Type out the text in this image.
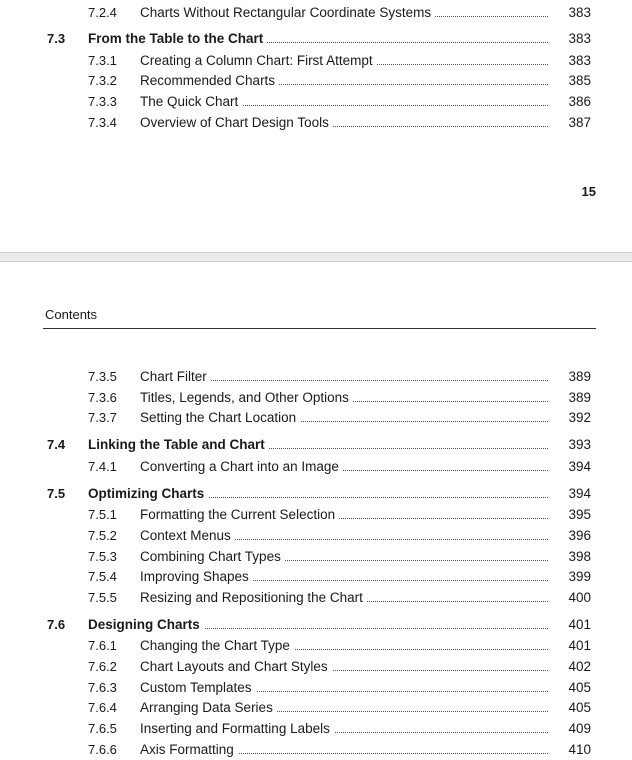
7.2.4 Charts Without Rectangular Coordinate Systems	383
7.3 From the Table to the Chart	383
7.3.1 Creating a Column Chart: First Attempt	383
7.3.2 Recommended Charts	385
7.3.3 The Quick Chart	386
7.3.4 Overview of Chart Design Tools	387
15
Contents
7.3.5 Chart Filter	389
7.3.6 Titles, Legends, and Other Options	389
7.3.7 Setting the Chart Location	392
7.4 Linking the Table and Chart	393
7.4.1 Converting a Chart into an Image	394
7.5 Optimizing Charts	394
7.5.1 Formatting the Current Selection	395
7.5.2 Context Menus	396
7.5.3 Combining Chart Types	398
7.5.4 Improving Shapes	399
7.5.5 Resizing and Repositioning the Chart	400
7.6 Designing Charts	401
7.6.1 Changing the Chart Type	401
7.6.2 Chart Layouts and Chart Styles	402
7.6.3 Custom Templates	405
7.6.4 Arranging Data Series	405
7.6.5 Inserting and Formatting Labels	409
7.6.6 Axis Formatting	410
